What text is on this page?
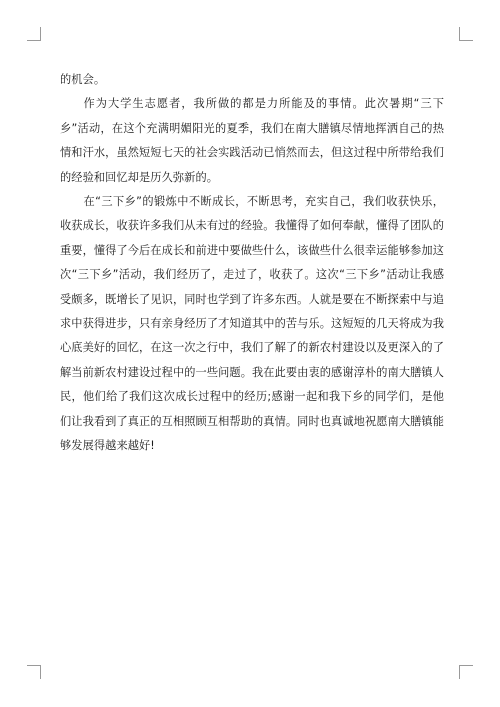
的机会。

作为大学生志愿者，我所做的都是力所能及的事情。此次暑期“三下乡”活动，在这个充满明媚阳光的夏季，我们在南大膳镇尽情地挥洒自己的热情和汗水，虽然短短七天的社会实践活动已悄然而去，但这过程中所带给我们的经验和回忆却是历久弥新的。

在“三下乡”的锻炼中不断成长，不断思考，充实自己，我们收获快乐，收获成长，收获许多我们从未有过的经验。我懂得了如何奉献，懂得了团队的重要，懂得了今后在成长和前进中要做些什么，该做些什么很幸运能够参加这次“三下乡”活动，我们经历了，走过了，收获了。这次“三下乡”活动让我感受颇多，既增长了见识，同时也学到了许多东西。人就是要在不断探索中与追求中获得进步，只有亲身经历了才知道其中的苦与乐。这短短的几天将成为我心底美好的回忆，在这一次之行中，我们了解了的新农村建设以及更深入的了解当前新农村建设过程中的一些问题。我在此要由衷的感谢淳朴的南大膳镇人民，他们给了我们这次成长过程中的经历;感谢一起和我下乡的同学们，是他们让我看到了真正的互相照顾互相帮助的真情。同时也真诚地祝愿南大膳镇能够发展得越来越好!
